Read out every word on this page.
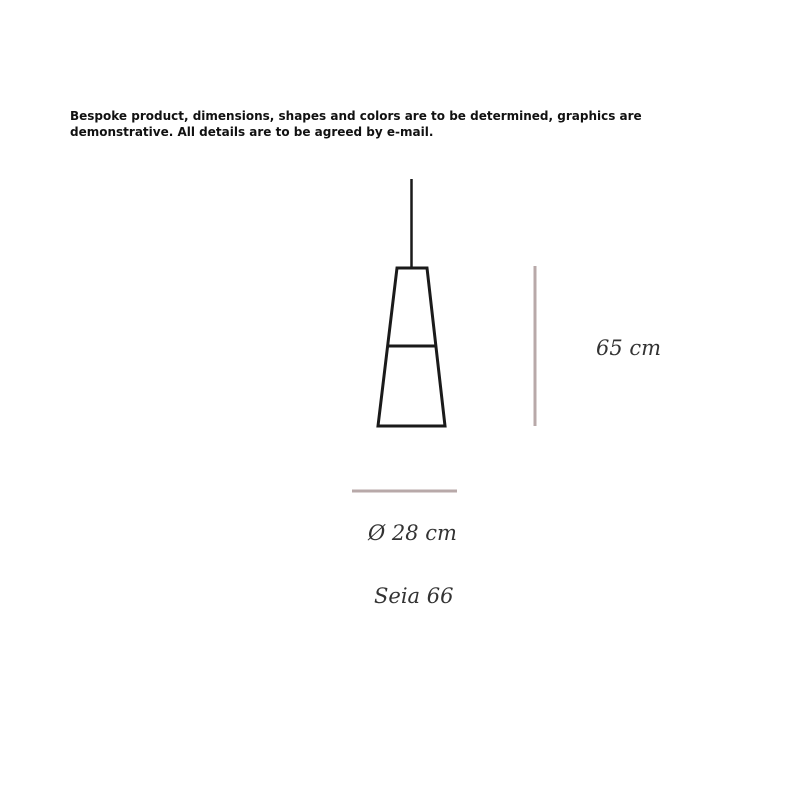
Bespoke product, dimensions, shapes and colors are to be determined, graphics are
demonstrative. All details are to be agreed by e-mail.
65 cm
Ø 28 cm
Seia 66
